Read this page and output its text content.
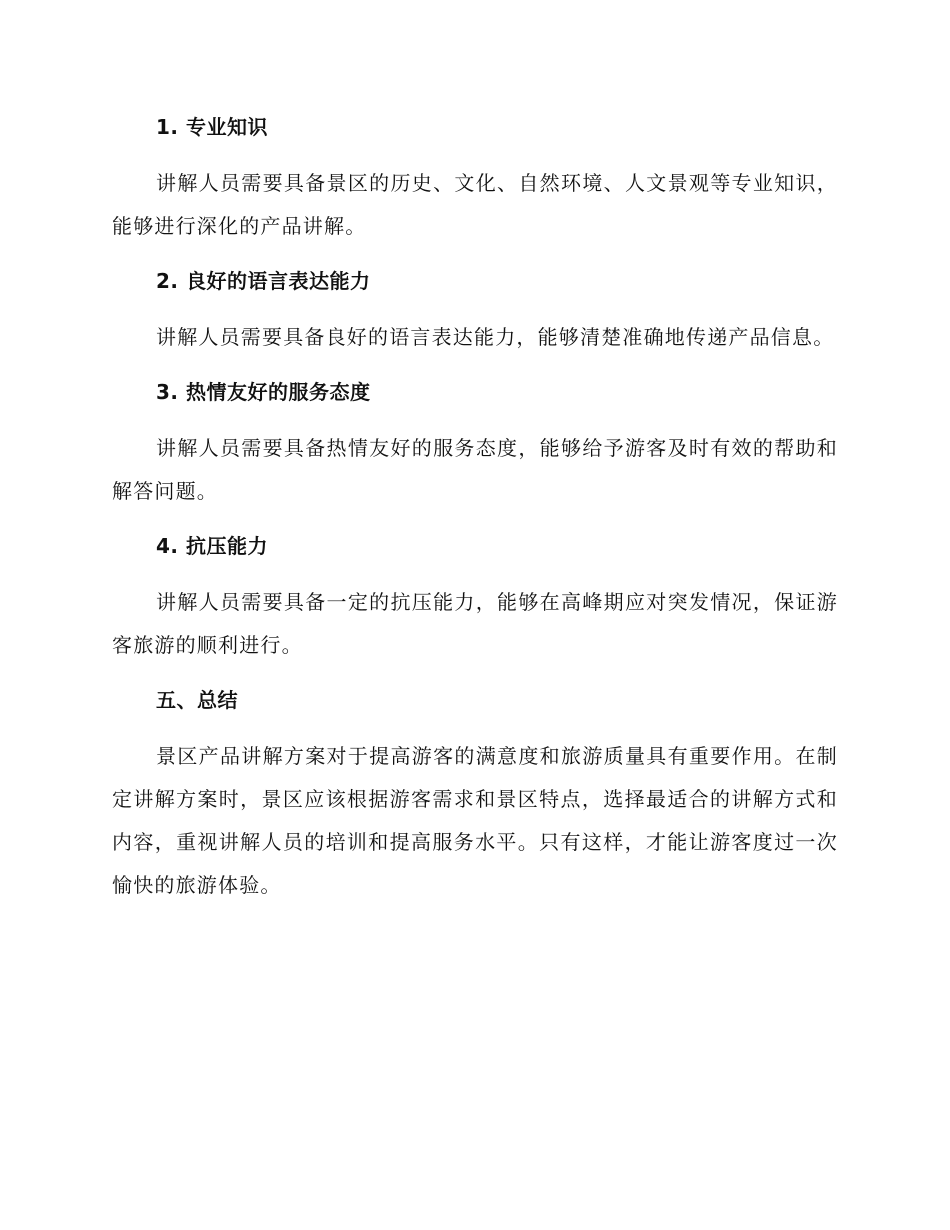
1. 专业知识

讲解人员需要具备景区的历史、文化、自然环境、人文景观等专业知识，能够进行深化的产品讲解。

2. 良好的语言表达能力

讲解人员需要具备良好的语言表达能力，能够清楚准确地传递产品信息。

3. 热情友好的服务态度

讲解人员需要具备热情友好的服务态度，能够给予游客及时有效的帮助和解答问题。

4. 抗压能力

讲解人员需要具备一定的抗压能力，能够在高峰期应对突发情况，保证游客旅游的顺利进行。

五、总结

景区产品讲解方案对于提高游客的满意度和旅游质量具有重要作用。在制定讲解方案时，景区应该根据游客需求和景区特点，选择最适合的讲解方式和内容，重视讲解人员的培训和提高服务水平。只有这样，才能让游客度过一次愉快的旅游体验。
